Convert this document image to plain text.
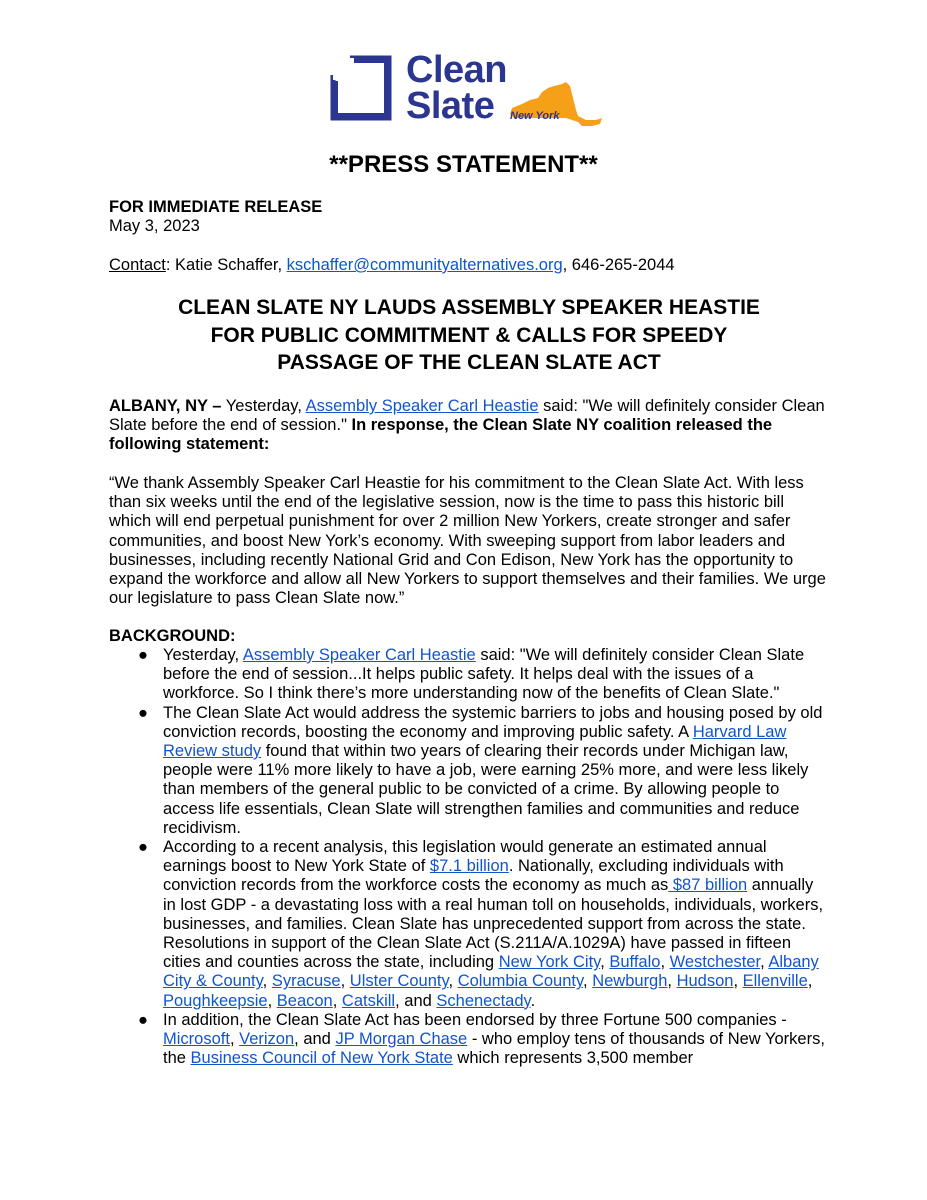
Clean
Slate	New York
**PRESS STATEMENT**
FOR IMMEDIATE RELEASE
May 3, 2023
Contact: Katie Schaffer, kschaffer@communityalternatives.org, 646-265-2044
CLEAN SLATE NY LAUDS ASSEMBLY SPEAKER HEASTIE
FOR PUBLIC COMMITMENT & CALLS FOR SPEEDY
PASSAGE OF THE CLEAN SLATE ACT
ALBANY, NY – Yesterday, Assembly Speaker Carl Heastie said: "We will definitely consider Clean Slate before the end of session." In response, the Clean Slate NY coalition released the following statement:
“We thank Assembly Speaker Carl Heastie for his commitment to the Clean Slate Act. With less than six weeks until the end of the legislative session, now is the time to pass this historic bill which will end perpetual punishment for over 2 million New Yorkers, create stronger and safer communities, and boost New York’s economy. With sweeping support from labor leaders and businesses, including recently National Grid and Con Edison, New York has the opportunity to expand the workforce and allow all New Yorkers to support themselves and their families. We urge our legislature to pass Clean Slate now.”
BACKGROUND:
● Yesterday, Assembly Speaker Carl Heastie said: "We will definitely consider Clean Slate before the end of session...It helps public safety. It helps deal with the issues of a workforce. So I think there’s more understanding now of the benefits of Clean Slate."
● The Clean Slate Act would address the systemic barriers to jobs and housing posed by old conviction records, boosting the economy and improving public safety. A Harvard Law Review study found that within two years of clearing their records under Michigan law, people were 11% more likely to have a job, were earning 25% more, and were less likely than members of the general public to be convicted of a crime. By allowing people to access life essentials, Clean Slate will strengthen families and communities and reduce recidivism.
● According to a recent analysis, this legislation would generate an estimated annual earnings boost to New York State of $7.1 billion. Nationally, excluding individuals with conviction records from the workforce costs the economy as much as $87 billion annually in lost GDP - a devastating loss with a real human toll on households, individuals, workers, businesses, and families. Clean Slate has unprecedented support from across the state. Resolutions in support of the Clean Slate Act (S.211A/A.1029A) have passed in fifteen cities and counties across the state, including New York City, Buffalo, Westchester, Albany City & County, Syracuse, Ulster County, Columbia County, Newburgh, Hudson, Ellenville, Poughkeepsie, Beacon, Catskill, and Schenectady.
● In addition, the Clean Slate Act has been endorsed by three Fortune 500 companies - Microsoft, Verizon, and JP Morgan Chase - who employ tens of thousands of New Yorkers, the Business Council of New York State which represents 3,500 member
